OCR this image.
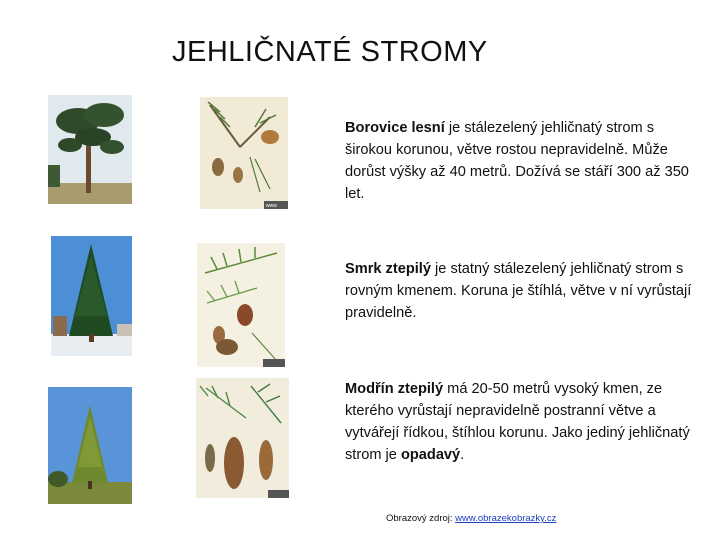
JEHLIČNATÉ STROMY
www
Borovice lesní je stálezelený jehličnatý strom s širokou korunou, větve rostou nepravidelně. Může dorůst výšky až 40 metrů. Dožívá se stáří 300 až 350 let.
Smrk ztepilý je statný stálezelený jehličnatý strom s rovným kmenem. Koruna je štíhlá, větve v ní vyrůstají pravidelně.
Modřín ztepilý má 20-50 metrů vysoký kmen, ze kterého vyrůstají nepravidelně postranní větve a vytvářejí řídkou, štíhlou korunu. Jako jediný jehličnatý strom je opadavý.
Obrazový zdroj: www.obrazekobrazky.cz
